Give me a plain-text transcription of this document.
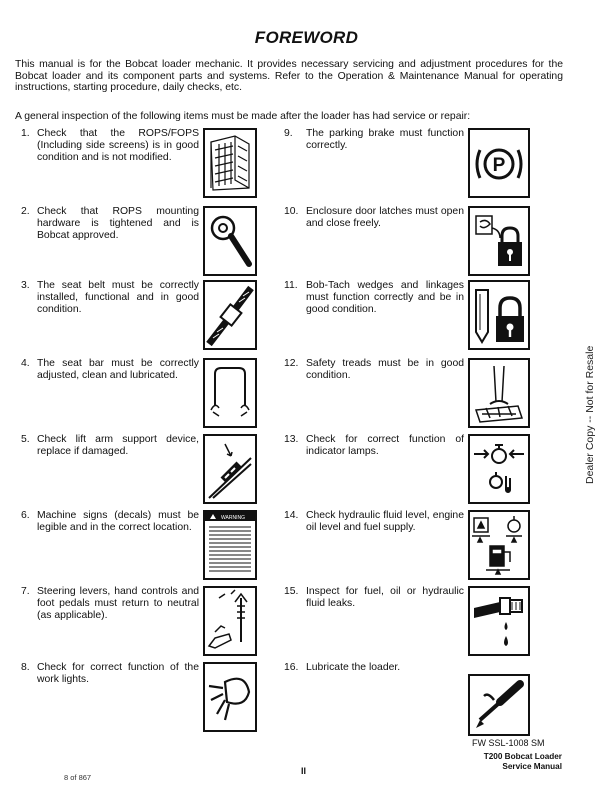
FOREWORD
This manual is for the Bobcat loader mechanic. It provides necessary servicing and adjustment procedures for the Bobcat loader and its component parts and systems. Refer to the Operation & Maintenance Manual for operating instructions, starting procedure, daily checks, etc.
A general inspection of the following items must be made after the loader has had service or repair:
1. Check that the ROPS/FOPS (Including side screens) is in good condition and is not modified.
2. Check that ROPS mounting hardware is tightened and is Bobcat approved.
3. The seat belt must be correctly installed, functional and in good condition.
4. The seat bar must be correctly adjusted, clean and lubricated.
5. Check lift arm support device, replace if damaged.
6. Machine signs (decals) must be legible and in the correct location.
WARNING
7. Steering levers, hand controls and foot pedals must return to neutral (as applicable).
8. Check for correct function of the work lights.
9. The parking brake must function correctly.
P
10. Enclosure door latches must open and close freely.
11. Bob-Tach wedges and linkages must function correctly and be in good condition.
12. Safety treads must be in good condition.
13. Check for correct function of indicator lamps.
14. Check hydraulic fluid level, engine oil level and fuel supply.
15. Inspect for fuel, oil or hydraulic fluid leaks.
16. Lubricate the loader.
Dealer Copy -- Not for Resale
FW SSL-1008 SM
T200 Bobcat Loader
Service Manual
II
8 of 867
